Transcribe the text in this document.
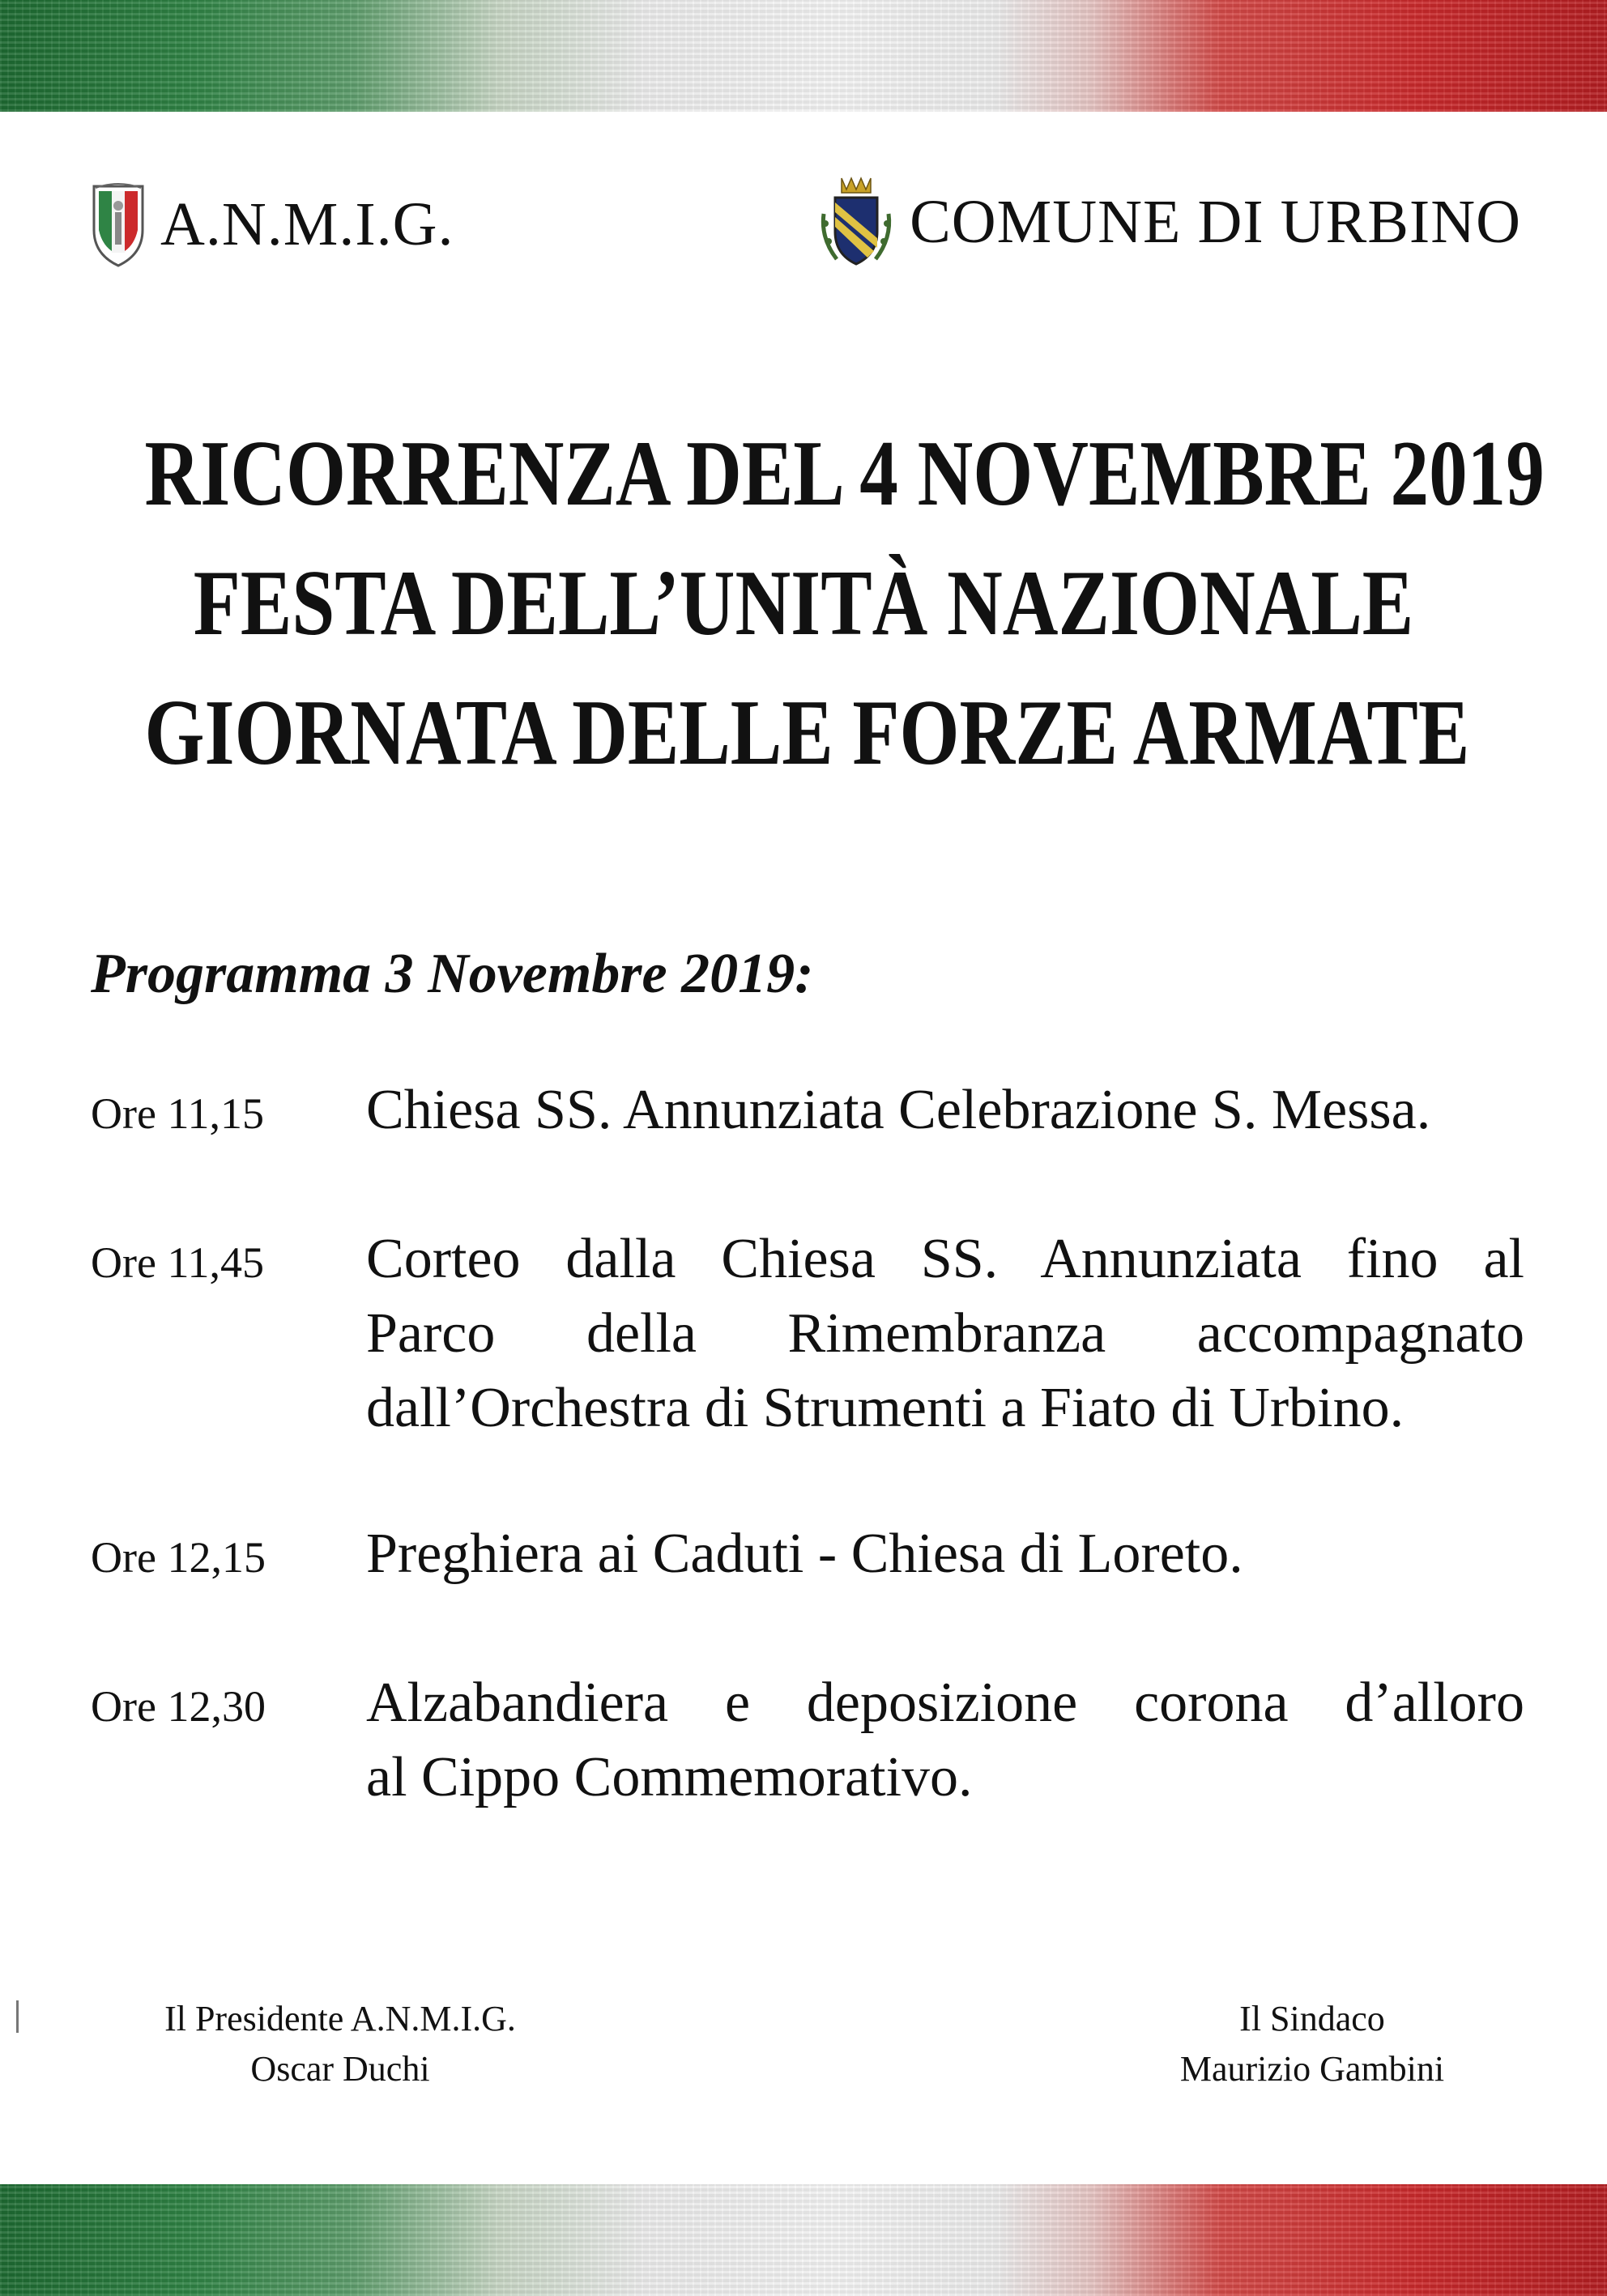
A.N.M.I.G.	COMUNE DI URBINO
RICORRENZA DEL 4 NOVEMBRE 2019
FESTA DELL’UNITÀ NAZIONALE
GIORNATA DELLE FORZE ARMATE
Programma 3 Novembre 2019:
Ore 11,15	Chiesa SS. Annunziata Celebrazione S. Messa.
Ore 11,45	Corteo dalla Chiesa SS. Annunziata fino al
Parco della Rimembranza accompagnato
dall’Orchestra di Strumenti a Fiato di Urbino.
Ore 12,15	Preghiera ai Caduti - Chiesa di Loreto.
Ore 12,30	Alzabandiera e deposizione corona d’alloro
al Cippo Commemorativo.
Il Presidente A.N.M.I.G.
Oscar Duchi
Il Sindaco
Maurizio Gambini
